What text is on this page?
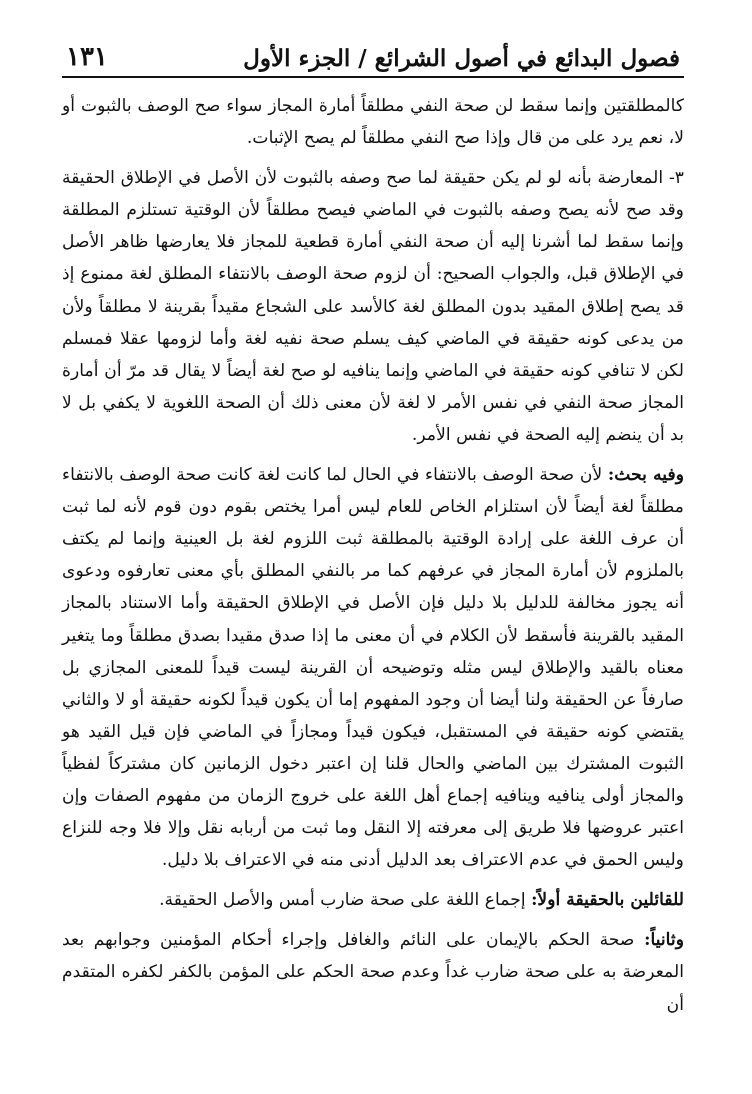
فصول البدائع في أصول الشرائع / الجزء الأول
١٣١

كالمطلقتين وإنما سقط لن صحة النفي مطلقاً أمارة المجاز سواء صح الوصف بالثبوت أو لا، نعم يرد على من قال وإذا صح النفي مطلقاً لم يصح الإثبات.

٣- المعارضة بأنه لو لم يكن حقيقة لما صح وصفه بالثبوت لأن الأصل في الإطلاق الحقيقة وقد صح لأنه يصح وصفه بالثبوت في الماضي فيصح مطلقاً لأن الوقتية تستلزم المطلقة وإنما سقط لما أشرنا إليه أن صحة النفي أمارة قطعية للمجاز فلا يعارضها ظاهر الأصل في الإطلاق قبل، والجواب الصحيح: أن لزوم صحة الوصف بالانتفاء المطلق لغة ممنوع إذ قد يصح إطلاق المقيد بدون المطلق لغة كالأسد على الشجاع مقيداً بقرينة لا مطلقاً ولأن من يدعى كونه حقيقة في الماضي كيف يسلم صحة نفيه لغة وأما لزومها عقلا فمسلم لكن لا تنافي كونه حقيقة في الماضي وإنما ينافيه لو صح لغة أيضاً لا يقال قد مرّ أن أمارة المجاز صحة النفي في نفس الأمر لا لغة لأن معنى ذلك أن الصحة اللغوية لا يكفي بل لا بد أن ينضم إليه الصحة في نفس الأمر.

وفيه بحث: لأن صحة الوصف بالانتفاء في الحال لما كانت لغة كانت صحة الوصف بالانتفاء مطلقاً لغة أيضاً لأن استلزام الخاص للعام ليس أمرا يختص بقوم دون قوم لأنه لما ثبت أن عرف اللغة على إرادة الوقتية بالمطلقة ثبت اللزوم لغة بل العينية وإنما لم يكتف بالملزوم لأن أمارة المجاز في عرفهم كما مر بالنفي المطلق بأي معنى تعارفوه ودعوى أنه يجوز مخالفة للدليل بلا دليل فإن الأصل في الإطلاق الحقيقة وأما الاستناد بالمجاز المقيد بالقرينة فأسقط لأن الكلام في أن معنى ما إذا صدق مقيدا بصدق مطلقاً وما يتغير معناه بالقيد والإطلاق ليس مثله وتوضيحه أن القرينة ليست قيداً للمعنى المجازي بل صارفاً عن الحقيقة ولنا أيضا أن وجود المفهوم إما أن يكون قيداً لكونه حقيقة أو لا والثاني يقتضي كونه حقيقة في المستقبل، فيكون قيداً ومجازاً في الماضي فإن قيل القيد هو الثبوت المشترك بين الماضي والحال قلنا إن اعتبر دخول الزمانين كان مشتركاً لفظياً والمجاز أولى ينافيه وينافيه إجماع أهل اللغة على خروج الزمان من مفهوم الصفات وإن اعتبر عروضها فلا طريق إلى معرفته إلا النقل وما ثبت من أربابه نقل وإلا فلا وجه للنزاع وليس الحمق في عدم الاعتراف بعد الدليل أدنى منه في الاعتراف بلا دليل.

للقائلين بالحقيقة أولاً: إجماع اللغة على صحة ضارب أمس والأصل الحقيقة.

وثانياً: صحة الحكم بالإيمان على النائم والغافل وإجراء أحكام المؤمنين وجوابهم بعد المعرضة به على صحة ضارب غداً وعدم صحة الحكم على المؤمن بالكفر لكفره المتقدم أن
